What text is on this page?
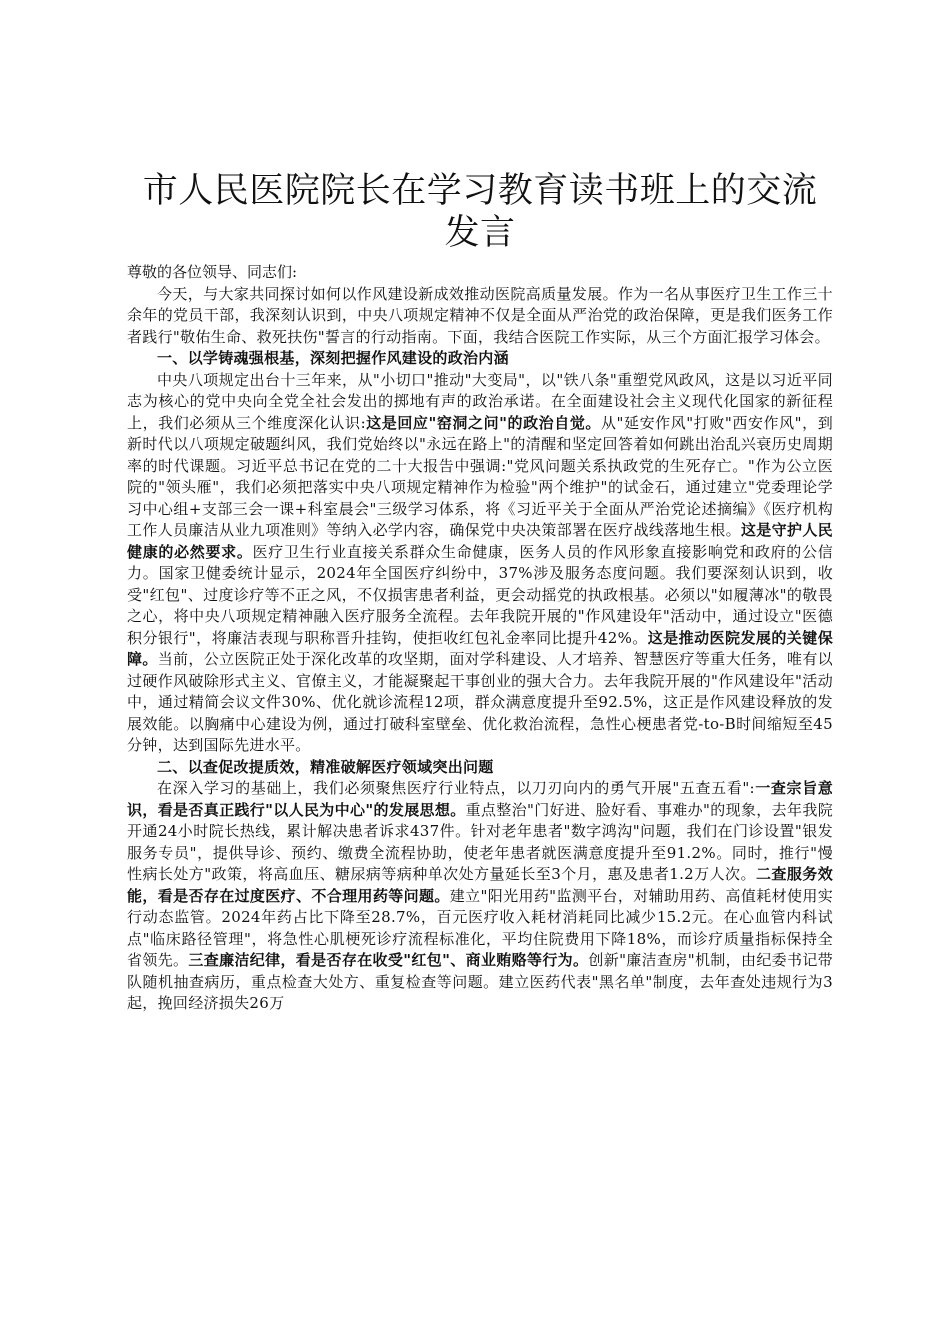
市人民医院院长在学习教育读书班上的交流发言

尊敬的各位领导、同志们:

今天，与大家共同探讨如何以作风建设新成效推动医院高质量发展。作为一名从事医疗卫生工作三十余年的党员干部，我深刻认识到，中央八项规定精神不仅是全面从严治党的政治保障，更是我们医务工作者践行"敬佑生命、救死扶伤"誓言的行动指南。下面，我结合医院工作实际，从三个方面汇报学习体会。

一、以学铸魂强根基，深刻把握作风建设的政治内涵

中央八项规定出台十三年来，从"小切口"推动"大变局"，以"铁八条"重塑党风政风，这是以习近平同志为核心的党中央向全党全社会发出的掷地有声的政治承诺。在全面建设社会主义现代化国家的新征程上，我们必须从三个维度深化认识:这是回应"窑洞之问"的政治自觉。从"延安作风"打败"西安作风"，到新时代以八项规定破题纠风，我们党始终以"永远在路上"的清醒和坚定回答着如何跳出治乱兴衰历史周期率的时代课题。习近平总书记在党的二十大报告中强调:"党风问题关系执政党的生死存亡。"作为公立医院的"领头雁"，我们必须把落实中央八项规定精神作为检验"两个维护"的试金石，通过建立"党委理论学习中心组+支部三会一课+科室晨会"三级学习体系，将《习近平关于全面从严治党论述摘编》《医疗机构工作人员廉洁从业九项准则》等纳入必学内容，确保党中央决策部署在医疗战线落地生根。这是守护人民健康的必然要求。医疗卫生行业直接关系群众生命健康，医务人员的作风形象直接影响党和政府的公信力。国家卫健委统计显示，2024年全国医疗纠纷中，37%涉及服务态度问题。我们要深刻认识到，收受"红包"、过度诊疗等不正之风，不仅损害患者利益，更会动摇党的执政根基。必须以"如履薄冰"的敬畏之心，将中央八项规定精神融入医疗服务全流程。去年我院开展的"作风建设年"活动中，通过设立"医德积分银行"，将廉洁表现与职称晋升挂钩，使拒收红包礼金率同比提升42%。这是推动医院发展的关键保障。当前，公立医院正处于深化改革的攻坚期，面对学科建设、人才培养、智慧医疗等重大任务，唯有以过硬作风破除形式主义、官僚主义，才能凝聚起干事创业的强大合力。去年我院开展的"作风建设年"活动中，通过精简会议文件30%、优化就诊流程12项，群众满意度提升至92.5%，这正是作风建设释放的发展效能。以胸痛中心建设为例，通过打破科室壁垒、优化救治流程，急性心梗患者党-to-B时间缩短至45分钟，达到国际先进水平。

二、以查促改提质效，精准破解医疗领域突出问题

在深入学习的基础上，我们必须聚焦医疗行业特点，以刀刃向内的勇气开展"五查五看":一查宗旨意识，看是否真正践行"以人民为中心"的发展思想。重点整治"门好进、脸好看、事难办"的现象，去年我院开通24小时院长热线，累计解决患者诉求437件。针对老年患者"数字鸿沟"问题，我们在门诊设置"银发服务专员"，提供导诊、预约、缴费全流程协助，使老年患者就医满意度提升至91.2%。同时，推行"慢性病长处方"政策，将高血压、糖尿病等病种单次处方量延长至3个月，惠及患者1.2万人次。二查服务效能，看是否存在过度医疗、不合理用药等问题。建立"阳光用药"监测平台，对辅助用药、高值耗材使用实行动态监管。2024年药占比下降至28.7%，百元医疗收入耗材消耗同比减少15.2元。在心血管内科试点"临床路径管理"，将急性心肌梗死诊疗流程标准化，平均住院费用下降18%，而诊疗质量指标保持全省领先。三查廉洁纪律，看是否存在收受"红包"、商业贿赂等行为。创新"廉洁查房"机制，由纪委书记带队随机抽查病历，重点检查大处方、重复检查等问题。建立医药代表"黑名单"制度，去年查处违规行为3起，挽回经济损失26万
